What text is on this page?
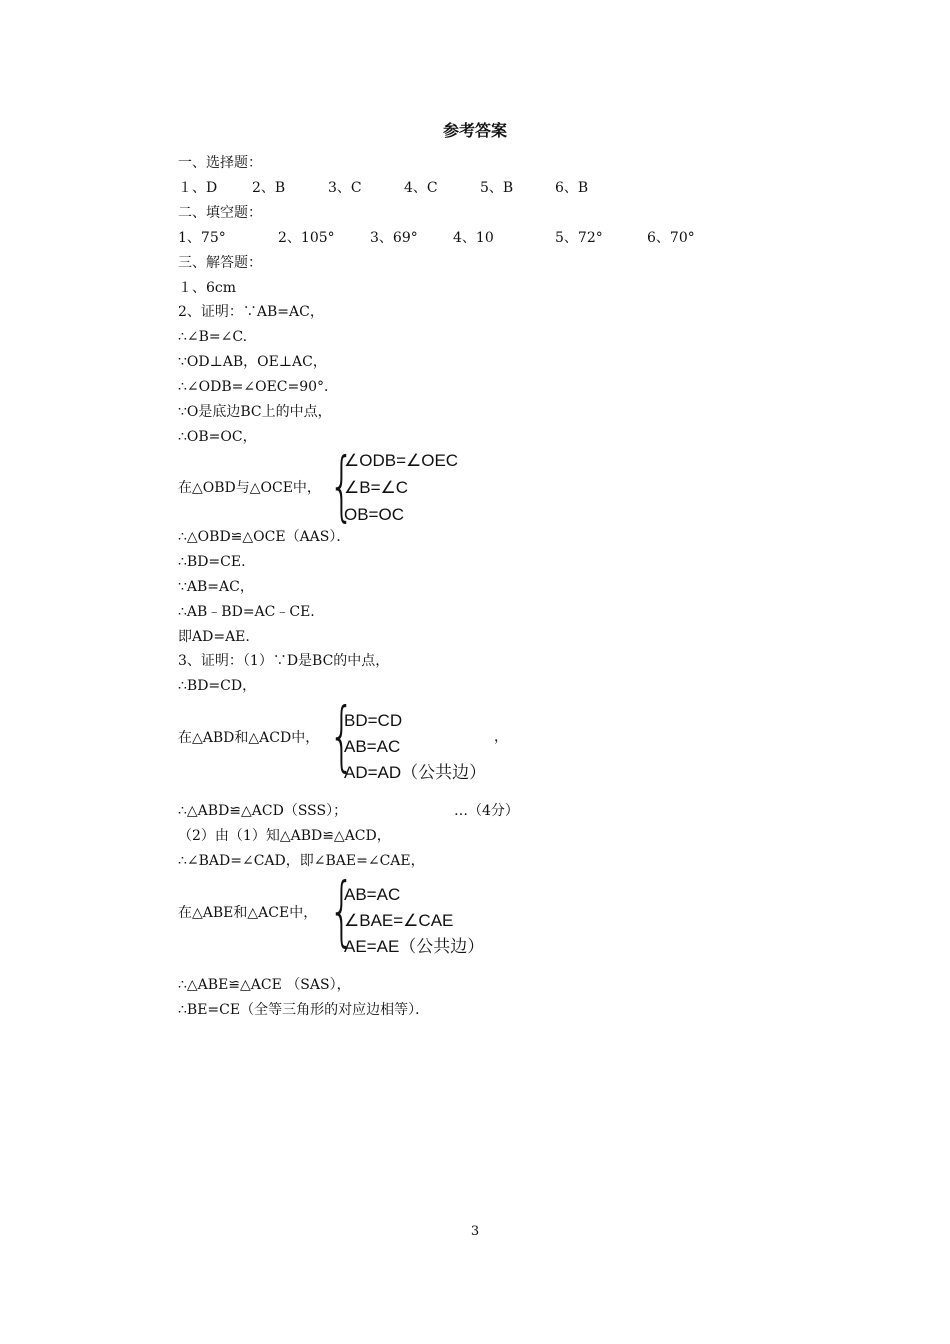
参考答案
一、选择题：
１、D 2、B	3、C	4、C	5、B	6、B
二、填空题：
1、75°	2、105°	3、69°	4、10	5、72°	6、70°
三、解答题：
１、6cm
2、证明：∵AB=AC，
∴∠B=∠C.
∵OD⊥AB，OE⊥AC，
∴∠ODB=∠OEC=90°．
∵O是底边BC上的中点，
∴OB=OC，
在△OBD与△OCE中， {
∠ODB=∠OEC
∠B=∠C
OB=OC
∴△OBD≌△OCE（AAS）．
∴BD=CE.
∵AB=AC，
∴AB﹣BD=AC﹣CE.
即AD=AE.
3、证明：（1）∵D是BC的中点，
∴BD=CD，
在△ABD和△ACD中， {
BD=CD
AB=AC
AD=AD（公共边）
，
∴△ABD≌△ACD（SSS）；	…（4分）
（2）由（1）知△ABD≌△ACD，
∴∠BAD=∠CAD，即∠BAE=∠CAE，
在△ABE和△ACE中， {
AB=AC
∠BAE=∠CAE
AE=AE（公共边）
∴△ABE≌△ACE （SAS），
∴BE=CE（全等三角形的对应边相等）．
3
